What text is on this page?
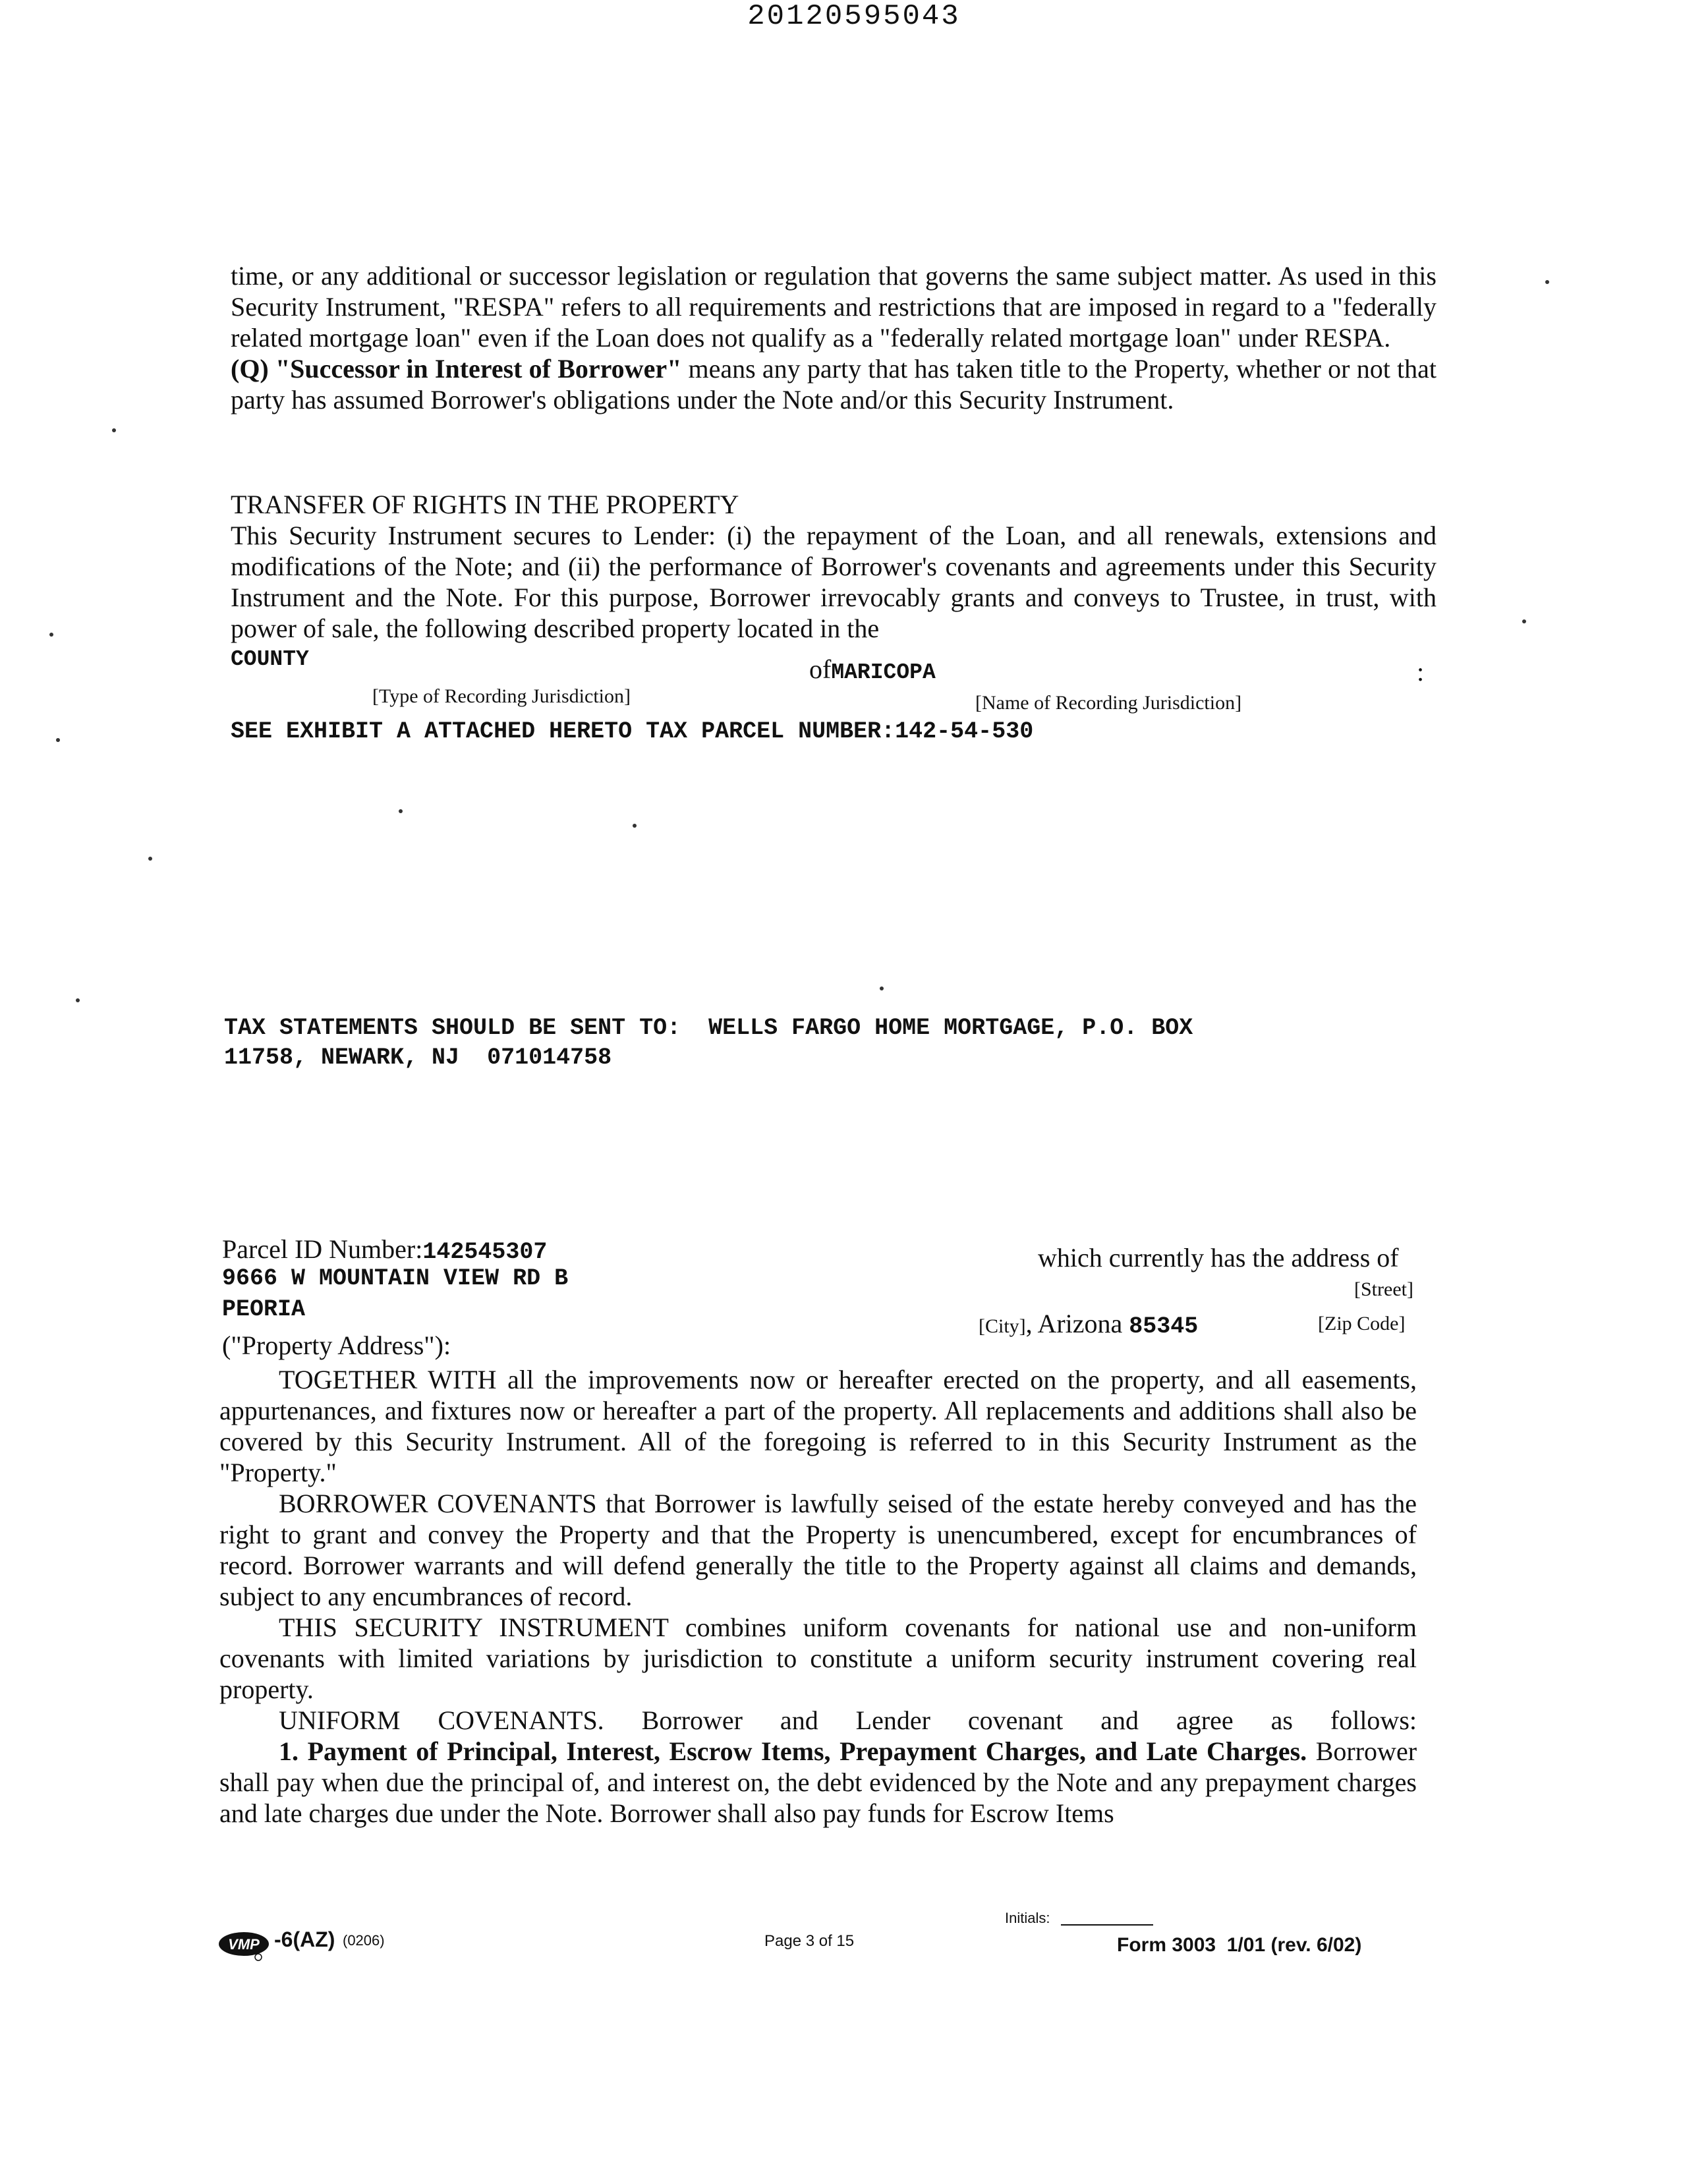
20120595043

time, or any additional or successor legislation or regulation that governs the same subject matter. As used in this Security Instrument, "RESPA" refers to all requirements and restrictions that are imposed in regard to a "federally related mortgage loan" even if the Loan does not qualify as a "federally related mortgage loan" under RESPA.

(Q) "Successor in Interest of Borrower" means any party that has taken title to the Property, whether or not that party has assumed Borrower's obligations under the Note and/or this Security Instrument.

TRANSFER OF RIGHTS IN THE PROPERTY

This Security Instrument secures to Lender: (i) the repayment of the Loan, and all renewals, extensions and modifications of the Note; and (ii) the performance of Borrower's covenants and agreements under this Security Instrument and the Note. For this purpose, Borrower irrevocably grants and conveys to Trustee, in trust, with power of sale, the following described property located in the

COUNTY	ofMARICOPA	:
[Type of Recording Jurisdiction]	[Name of Recording Jurisdiction]
SEE EXHIBIT A ATTACHED HERETO TAX PARCEL NUMBER:142-54-530
TAX STATEMENTS SHOULD BE SENT TO:  WELLS FARGO HOME MORTGAGE, P.O. BOX
11758, NEWARK, NJ  071014758
Parcel ID Number:142545307	which currently has the address of
9666 W MOUNTAIN VIEW RD B	[Street]
PEORIA
[City], Arizona 85345	[Zip Code]
("Property Address"):

TOGETHER WITH all the improvements now or hereafter erected on the property, and all easements, appurtenances, and fixtures now or hereafter a part of the property. All replacements and additions shall also be covered by this Security Instrument. All of the foregoing is referred to in this Security Instrument as the "Property."

BORROWER COVENANTS that Borrower is lawfully seised of the estate hereby conveyed and has the right to grant and convey the Property and that the Property is unencumbered, except for encumbrances of record. Borrower warrants and will defend generally the title to the Property against all claims and demands, subject to any encumbrances of record.

THIS SECURITY INSTRUMENT combines uniform covenants for national use and non-uniform covenants with limited variations by jurisdiction to constitute a uniform security instrument covering real property.

UNIFORM COVENANTS. Borrower and Lender covenant and agree as follows:

1. Payment of Principal, Interest, Escrow Items, Prepayment Charges, and Late Charges. Borrower shall pay when due the principal of, and interest on, the debt evidenced by the Note and any prepayment charges and late charges due under the Note. Borrower shall also pay funds for Escrow Items

VMP -6(AZ) (0206)	Page 3 of 15
Initials:
Form 3003  1/01 (rev. 6/02)
